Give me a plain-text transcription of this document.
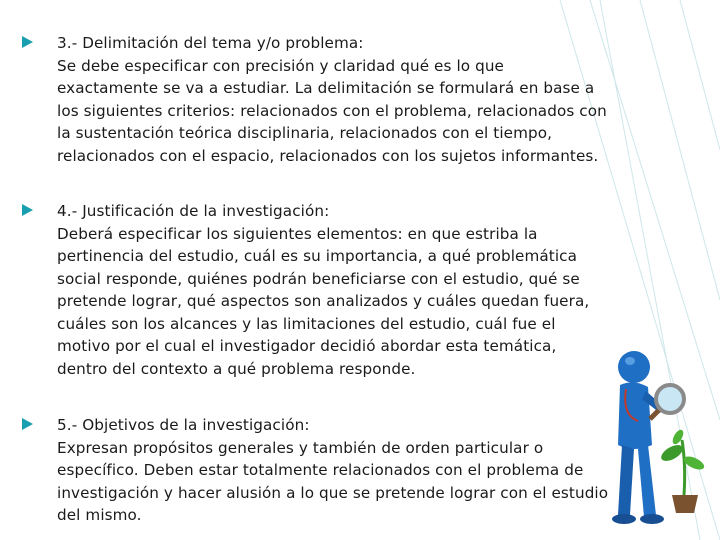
3.- Delimitación del tema y/o problema:
Se debe especificar con precisión y claridad qué es lo que
exactamente se va a estudiar. La delimitación se formulará en base a
los siguientes criterios: relacionados con el problema, relacionados con
la sustentación teórica disciplinaria, relacionados con el tiempo,
relacionados con el espacio, relacionados con los sujetos informantes.
4.- Justificación de la investigación:
Deberá especificar los siguientes elementos: en que estriba la
pertinencia del estudio, cuál es su importancia, a qué problemática
social responde, quiénes podrán beneficiarse con el estudio, qué se
pretende lograr, qué aspectos son analizados y cuáles quedan fuera,
cuáles son los alcances y las limitaciones del estudio, cuál fue el
motivo por el cual el investigador decidió abordar esta temática,
dentro del contexto a qué problema responde.
5.- Objetivos de la investigación:
Expresan propósitos generales y también de orden particular o
específico. Deben estar totalmente relacionados con el problema de
investigación y hacer alusión a lo que se pretende lograr con el estudio
del mismo.
